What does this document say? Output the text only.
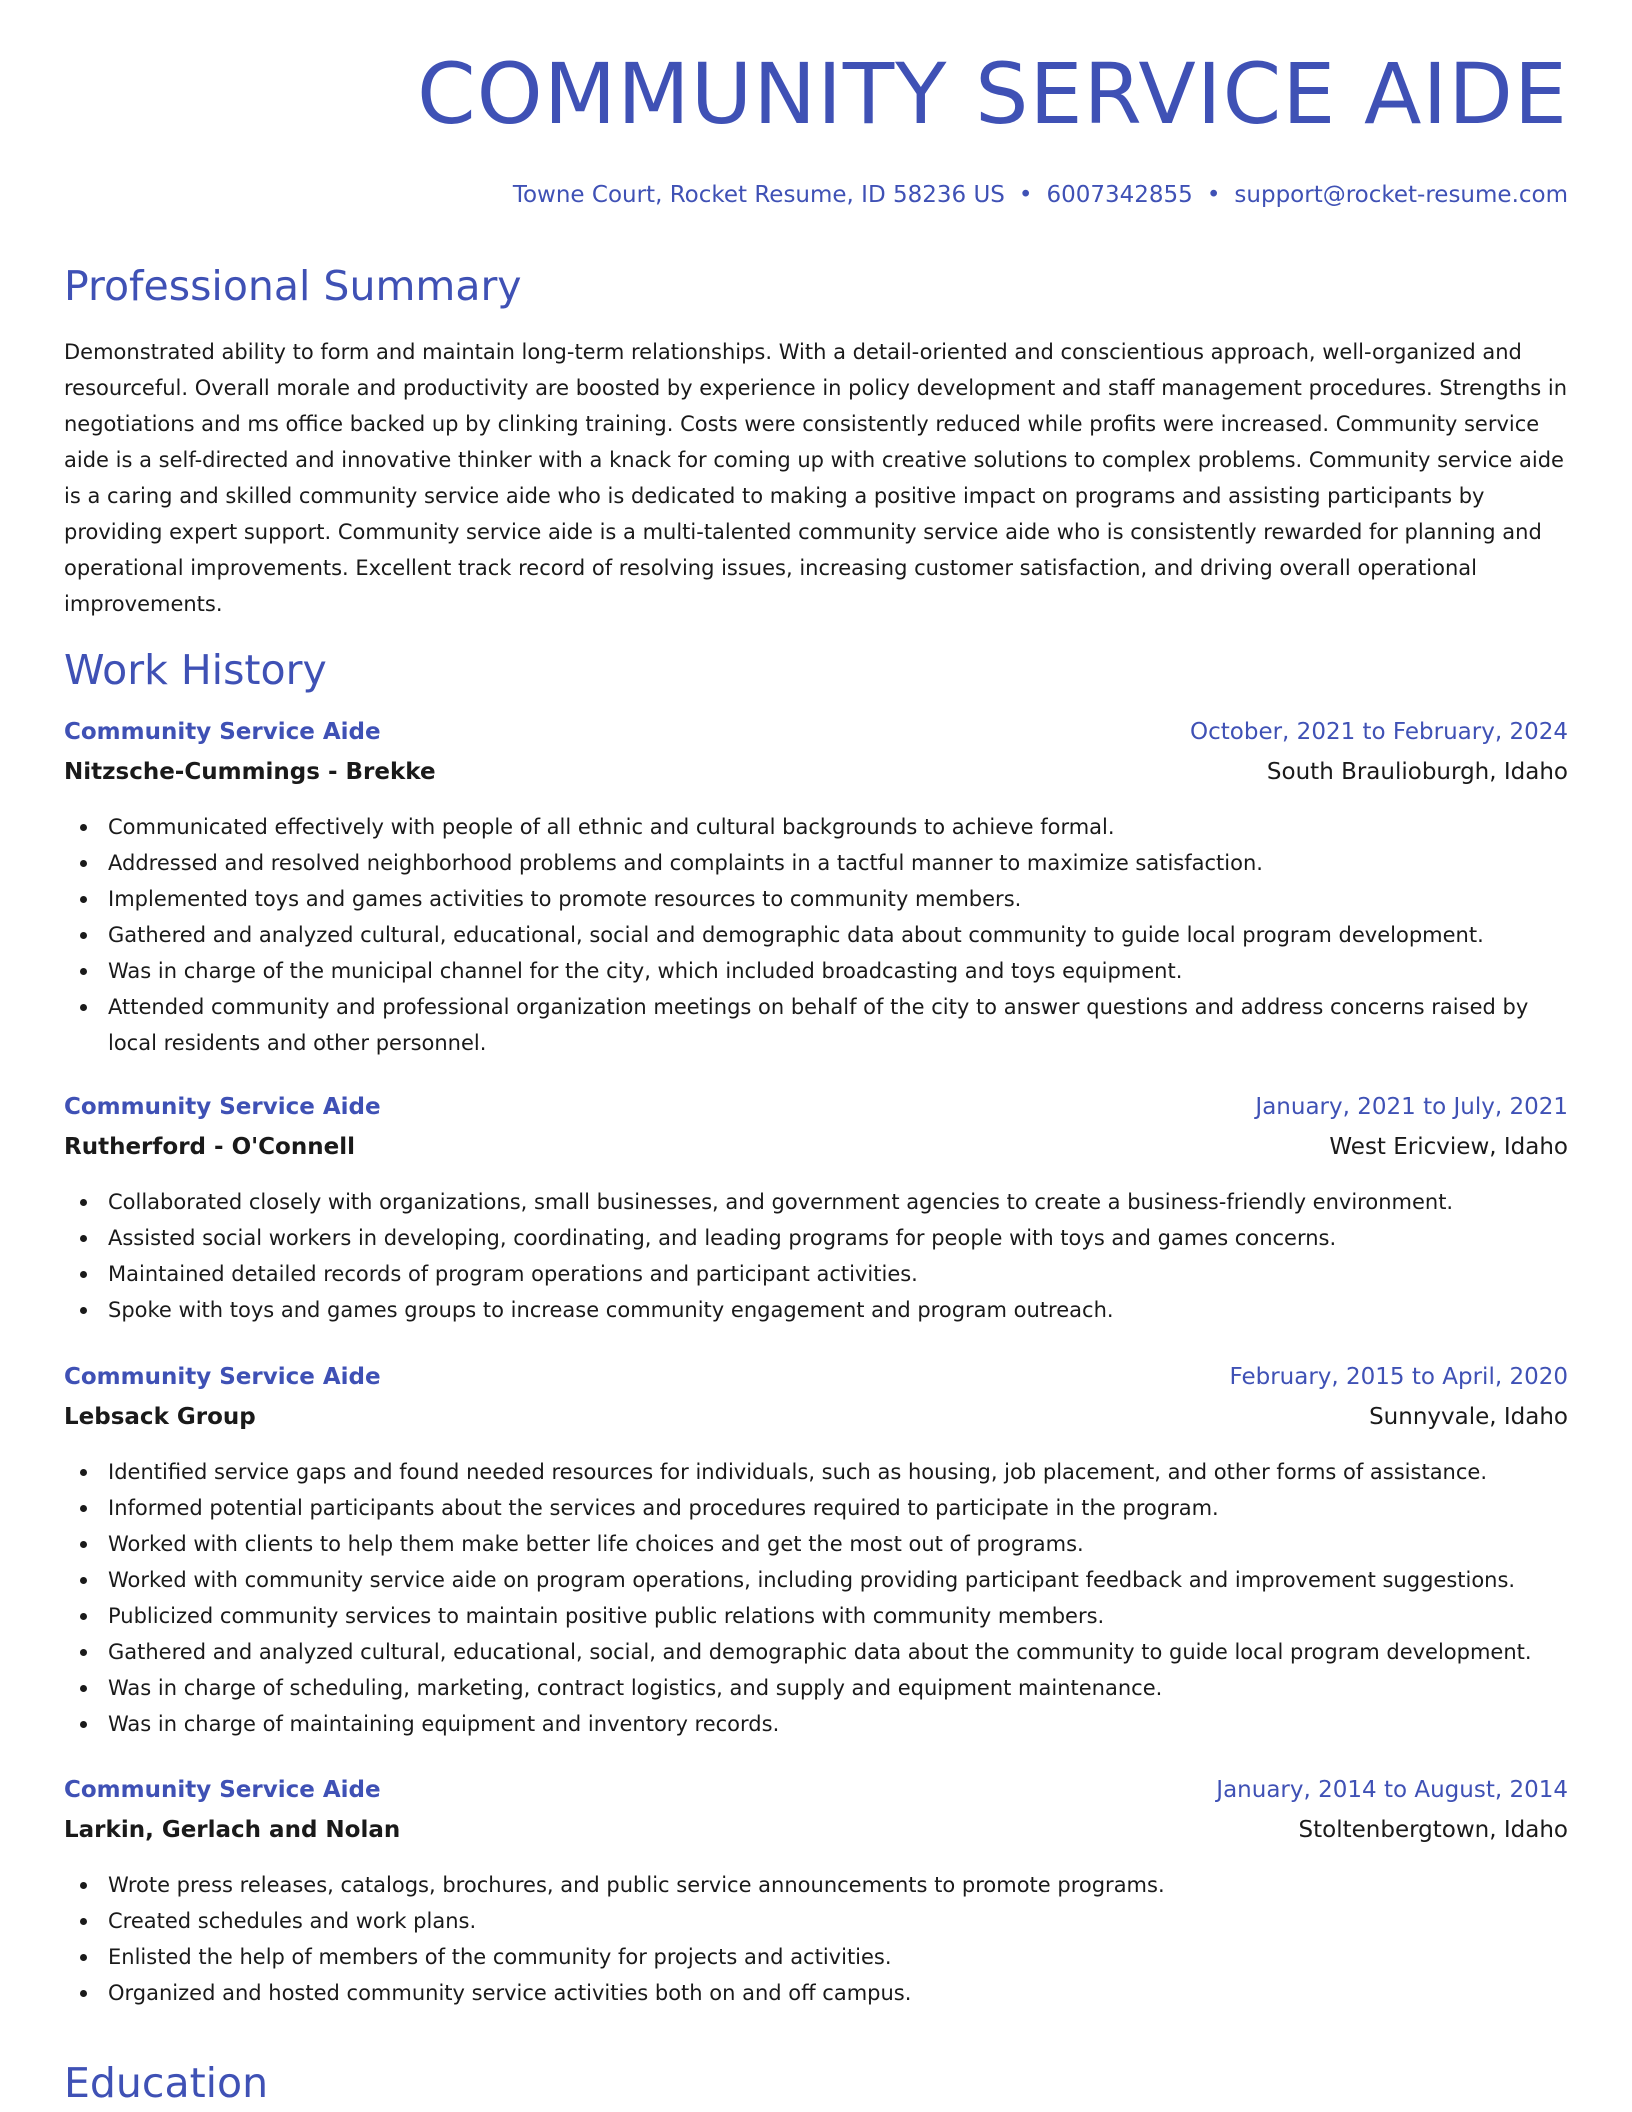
COMMUNITY SERVICE AIDE
Towne Court, Rocket Resume, ID 58236 US • 6007342855 • support@rocket-resume.com
Professional Summary

Demonstrated ability to form and maintain long-term relationships. With a detail-oriented and conscientious approach, well-organized and resourceful. Overall morale and productivity are boosted by experience in policy development and staff management procedures. Strengths in negotiations and ms office backed up by clinking training. Costs were consistently reduced while profits were increased. Community service aide is a self-directed and innovative thinker with a knack for coming up with creative solutions to complex problems. Community service aide is a caring and skilled community service aide who is dedicated to making a positive impact on programs and assisting participants by providing expert support. Community service aide is a multi-talented community service aide who is consistently rewarded for planning and operational improvements. Excellent track record of resolving issues, increasing customer satisfaction, and driving overall operational improvements.

Work History
Community Service Aide	October, 2021 to February, 2024
Nitzsche-Cummings - Brekke	South Braulioburgh, Idaho
Communicated effectively with people of all ethnic and cultural backgrounds to achieve formal.
Addressed and resolved neighborhood problems and complaints in a tactful manner to maximize satisfaction.
Implemented toys and games activities to promote resources to community members.
Gathered and analyzed cultural, educational, social and demographic data about community to guide local program development.
Was in charge of the municipal channel for the city, which included broadcasting and toys equipment.
Attended community and professional organization meetings on behalf of the city to answer questions and address concerns raised by local residents and other personnel.
Community Service Aide	January, 2021 to July, 2021
Rutherford - O'Connell	West Ericview, Idaho
Collaborated closely with organizations, small businesses, and government agencies to create a business-friendly environment.
Assisted social workers in developing, coordinating, and leading programs for people with toys and games concerns.
Maintained detailed records of program operations and participant activities.
Spoke with toys and games groups to increase community engagement and program outreach.
Community Service Aide	February, 2015 to April, 2020
Lebsack Group	Sunnyvale, Idaho
Identified service gaps and found needed resources for individuals, such as housing, job placement, and other forms of assistance.
Informed potential participants about the services and procedures required to participate in the program.
Worked with clients to help them make better life choices and get the most out of programs.
Worked with community service aide on program operations, including providing participant feedback and improvement suggestions.
Publicized community services to maintain positive public relations with community members.
Gathered and analyzed cultural, educational, social, and demographic data about the community to guide local program development.
Was in charge of scheduling, marketing, contract logistics, and supply and equipment maintenance.
Was in charge of maintaining equipment and inventory records.
Community Service Aide	January, 2014 to August, 2014
Larkin, Gerlach and Nolan	Stoltenbergtown, Idaho
Wrote press releases, catalogs, brochures, and public service announcements to promote programs.
Created schedules and work plans.
Enlisted the help of members of the community for projects and activities.
Organized and hosted community service activities both on and off campus.
Education
